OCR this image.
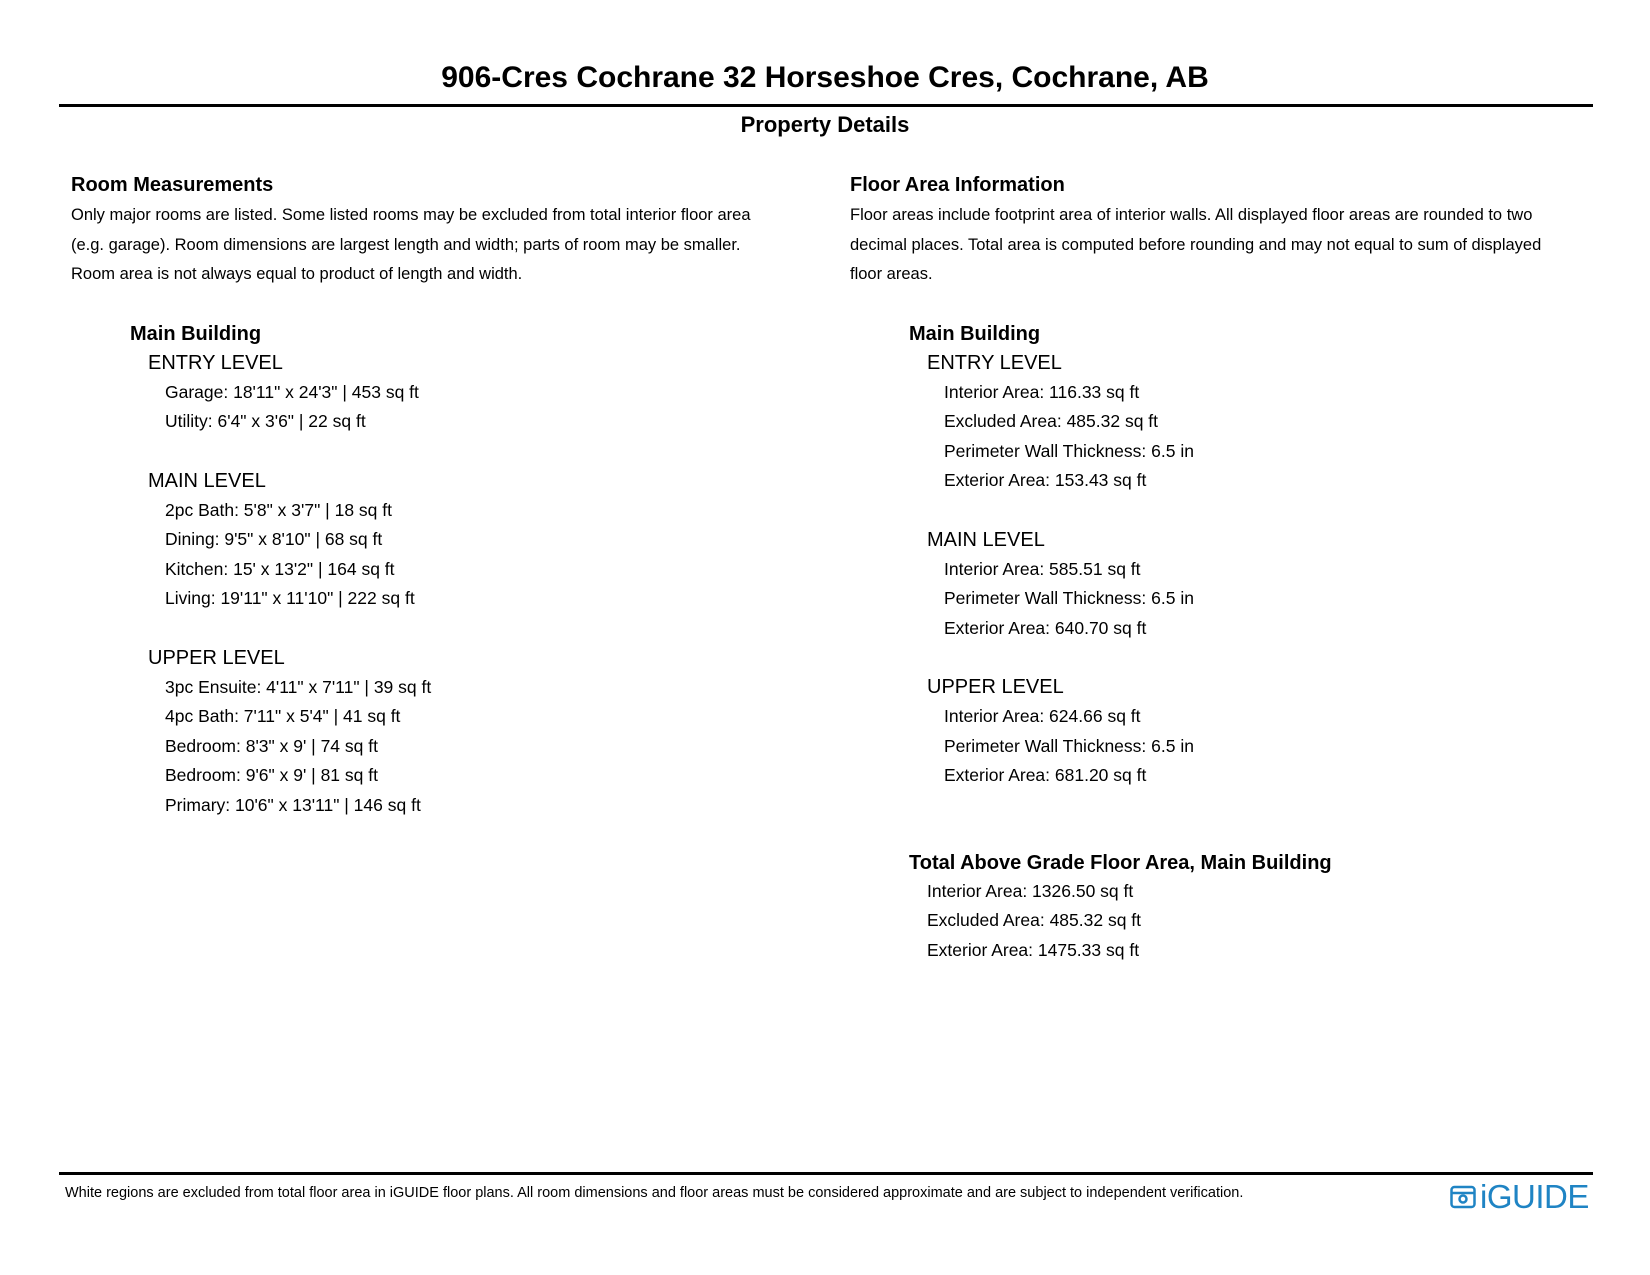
906-Cres Cochrane 32 Horseshoe Cres, Cochrane, AB
Property Details
Room Measurements
Only major rooms are listed. Some listed rooms may be excluded from total interior floor area
(e.g. garage). Room dimensions are largest length and width; parts of room may be smaller.
Room area is not always equal to product of length and width.
Main Building
ENTRY LEVEL
Garage: 18'11" x 24'3" | 453 sq ft
Utility: 6'4" x 3'6" | 22 sq ft
MAIN LEVEL
2pc Bath: 5'8" x 3'7" | 18 sq ft
Dining: 9'5" x 8'10" | 68 sq ft
Kitchen: 15' x 13'2" | 164 sq ft
Living: 19'11" x 11'10" | 222 sq ft
UPPER LEVEL
3pc Ensuite: 4'11" x 7'11" | 39 sq ft
4pc Bath: 7'11" x 5'4" | 41 sq ft
Bedroom: 8'3" x 9' | 74 sq ft
Bedroom: 9'6" x 9' | 81 sq ft
Primary: 10'6" x 13'11" | 146 sq ft
Floor Area Information
Floor areas include footprint area of interior walls. All displayed floor areas are rounded to two
decimal places. Total area is computed before rounding and may not equal to sum of displayed
floor areas.
Main Building
ENTRY LEVEL
Interior Area: 116.33 sq ft
Excluded Area: 485.32 sq ft
Perimeter Wall Thickness: 6.5 in
Exterior Area: 153.43 sq ft
MAIN LEVEL
Interior Area: 585.51 sq ft
Perimeter Wall Thickness: 6.5 in
Exterior Area: 640.70 sq ft
UPPER LEVEL
Interior Area: 624.66 sq ft
Perimeter Wall Thickness: 6.5 in
Exterior Area: 681.20 sq ft
Total Above Grade Floor Area, Main Building
Interior Area: 1326.50 sq ft
Excluded Area: 485.32 sq ft
Exterior Area: 1475.33 sq ft
White regions are excluded from total floor area in iGUIDE floor plans. All room dimensions and floor areas must be considered approximate and are subject to independent verification.	iGUIDE
